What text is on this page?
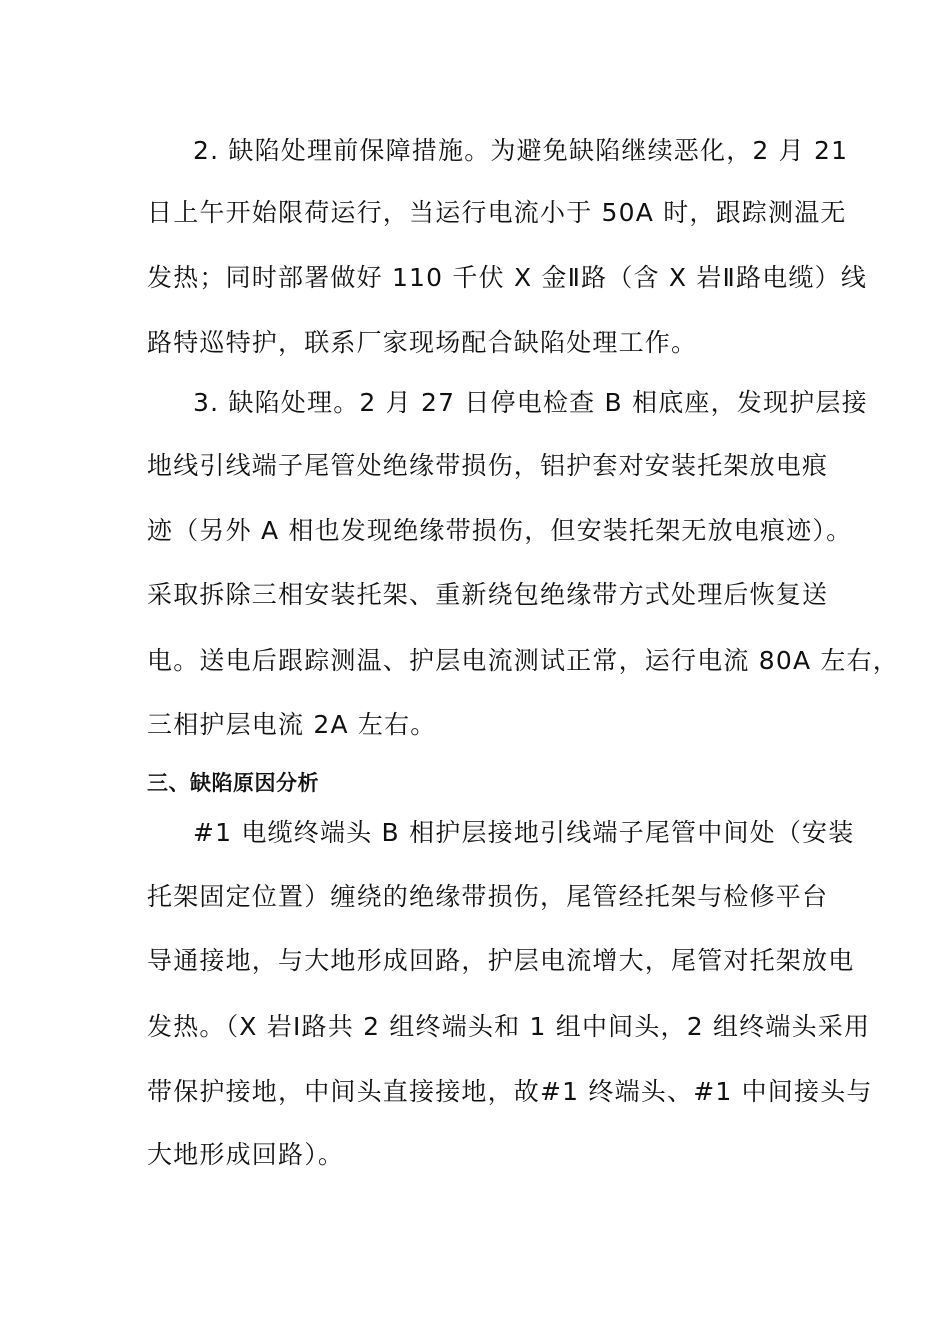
2. 缺陷处理前保障措施。为避免缺陷继续恶化，2 月 21
日上午开始限荷运行，当运行电流小于 50A 时，跟踪测温无
发热；同时部署做好 110 千伏 X 金Ⅱ路（含 X 岩Ⅱ路电缆）线
路特巡特护，联系厂家现场配合缺陷处理工作。
3. 缺陷处理。2 月 27 日停电检查 B 相底座，发现护层接
地线引线端子尾管处绝缘带损伤，铝护套对安装托架放电痕
迹（另外 A 相也发现绝缘带损伤，但安装托架无放电痕迹）。
采取拆除三相安装托架、重新绕包绝缘带方式处理后恢复送
电。送电后跟踪测温、护层电流测试正常，运行电流 80A 左右，
三相护层电流 2A 左右。
三、缺陷原因分析
#1 电缆终端头 B 相护层接地引线端子尾管中间处（安装
托架固定位置）缠绕的绝缘带损伤，尾管经托架与检修平台
导通接地，与大地形成回路，护层电流增大，尾管对托架放电
发热。（X 岩Ⅰ路共 2 组终端头和 1 组中间头，2 组终端头采用
带保护接地，中间头直接接地，故#1 终端头、#1 中间接头与
大地形成回路）。
